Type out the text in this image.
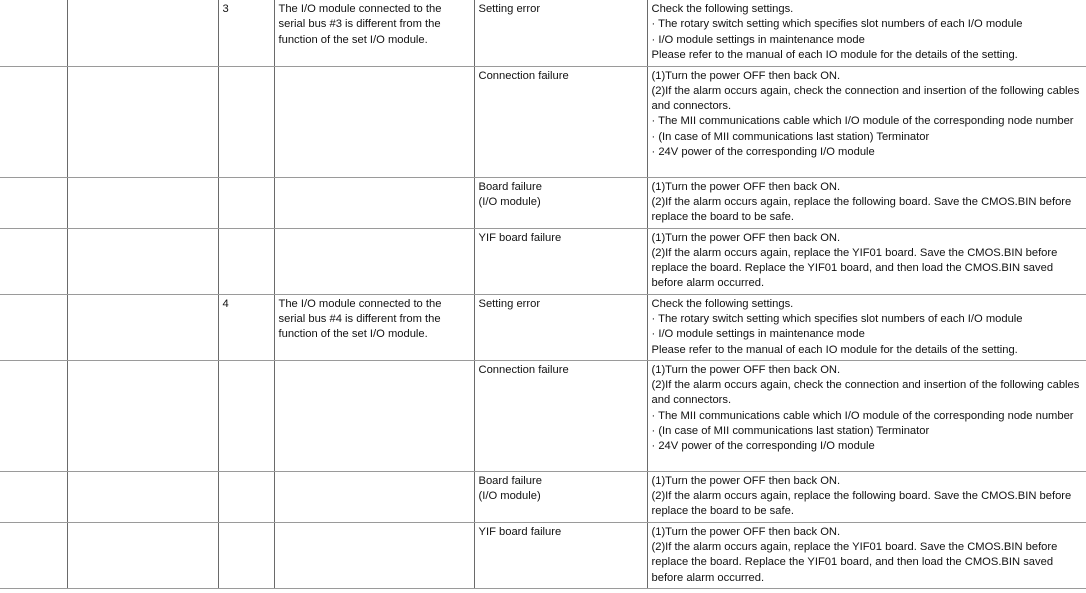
		3	The I/O module connected to the serial bus #3 is different from the function of the set I/O module.	Setting error	Check the following settings.
· The rotary switch setting which specifies slot numbers of each I/O module
· I/O module settings in maintenance mode
Please refer to the manual of each IO module for the details of the setting.

				Connection failure	(1)Turn the power OFF then back ON.
(2)If the alarm occurs again, check the connection and insertion of the following cables and connectors.
· The MII communications cable which I/O module of the corresponding node number
· (In case of MII communications last station) Terminator
· 24V power of the corresponding I/O module

				Board failure
(I/O module)	(1)Turn the power OFF then back ON.
(2)If the alarm occurs again, replace the following board. Save the CMOS.BIN before replace the board to be safe.

				YIF board failure	(1)Turn the power OFF then back ON.
(2)If the alarm occurs again, replace the YIF01 board. Save the CMOS.BIN before replace the board. Replace the YIF01 board, and then load the CMOS.BIN saved before alarm occurred.

		4	The I/O module connected to the serial bus #4 is different from the function of the set I/O module.	Setting error	Check the following settings.
· The rotary switch setting which specifies slot numbers of each I/O module
· I/O module settings in maintenance mode
Please refer to the manual of each IO module for the details of the setting.

				Connection failure	(1)Turn the power OFF then back ON.
(2)If the alarm occurs again, check the connection and insertion of the following cables and connectors.
· The MII communications cable which I/O module of the corresponding node number
· (In case of MII communications last station) Terminator
· 24V power of the corresponding I/O module

				Board failure
(I/O module)	(1)Turn the power OFF then back ON.
(2)If the alarm occurs again, replace the following board. Save the CMOS.BIN before replace the board to be safe.

				YIF board failure	(1)Turn the power OFF then back ON.
(2)If the alarm occurs again, replace the YIF01 board. Save the CMOS.BIN before replace the board. Replace the YIF01 board, and then load the CMOS.BIN saved before alarm occurred.
